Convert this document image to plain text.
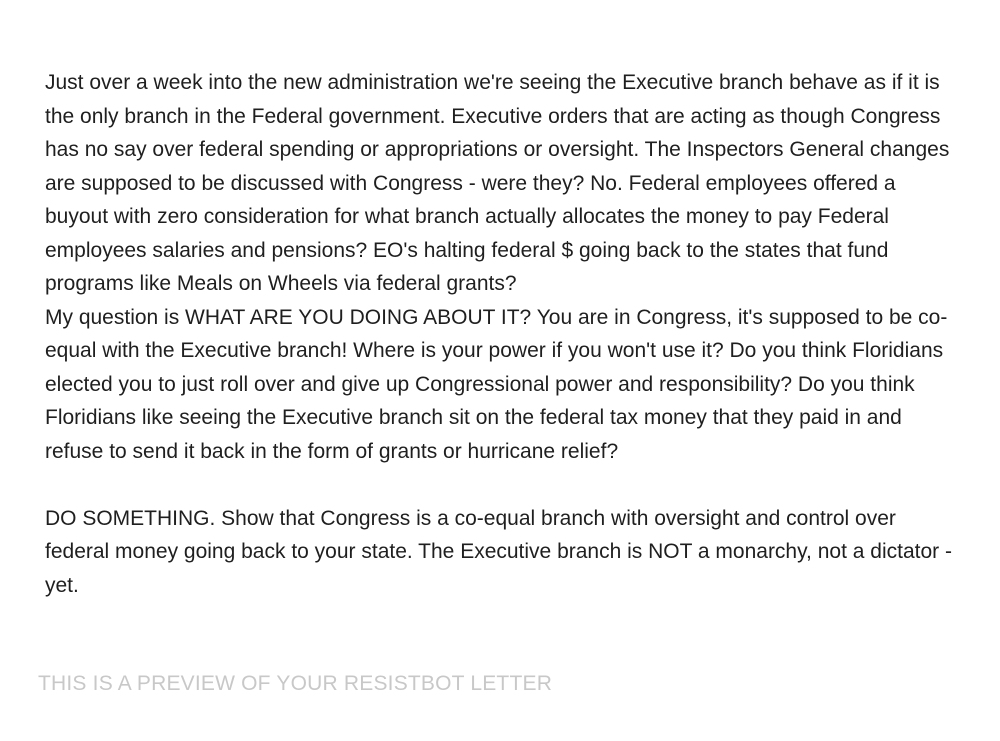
Just over a week into the new administration we're seeing the Executive branch behave as if it is the only branch in the Federal government. Executive orders that are acting as though Congress has no say over federal spending or appropriations or oversight. The Inspectors General changes are supposed to be discussed with Congress - were they? No. Federal employees offered a buyout with zero consideration for what branch actually allocates the money to pay Federal employees salaries and pensions? EO's halting federal $ going back to the states that fund programs like Meals on Wheels via federal grants?

My question is WHAT ARE YOU DOING ABOUT IT? You are in Congress, it's supposed to be co-equal with the Executive branch! Where is your power if you won't use it? Do you think Floridians elected you to just roll over and give up Congressional power and responsibility? Do you think Floridians like seeing the Executive branch sit on the federal tax money that they paid in and refuse to send it back in the form of grants or hurricane relief?

DO SOMETHING. Show that Congress is a co-equal branch with oversight and control over federal money going back to your state. The Executive branch is NOT a monarchy, not a dictator - yet.

THIS IS A PREVIEW OF YOUR RESISTBOT LETTER
